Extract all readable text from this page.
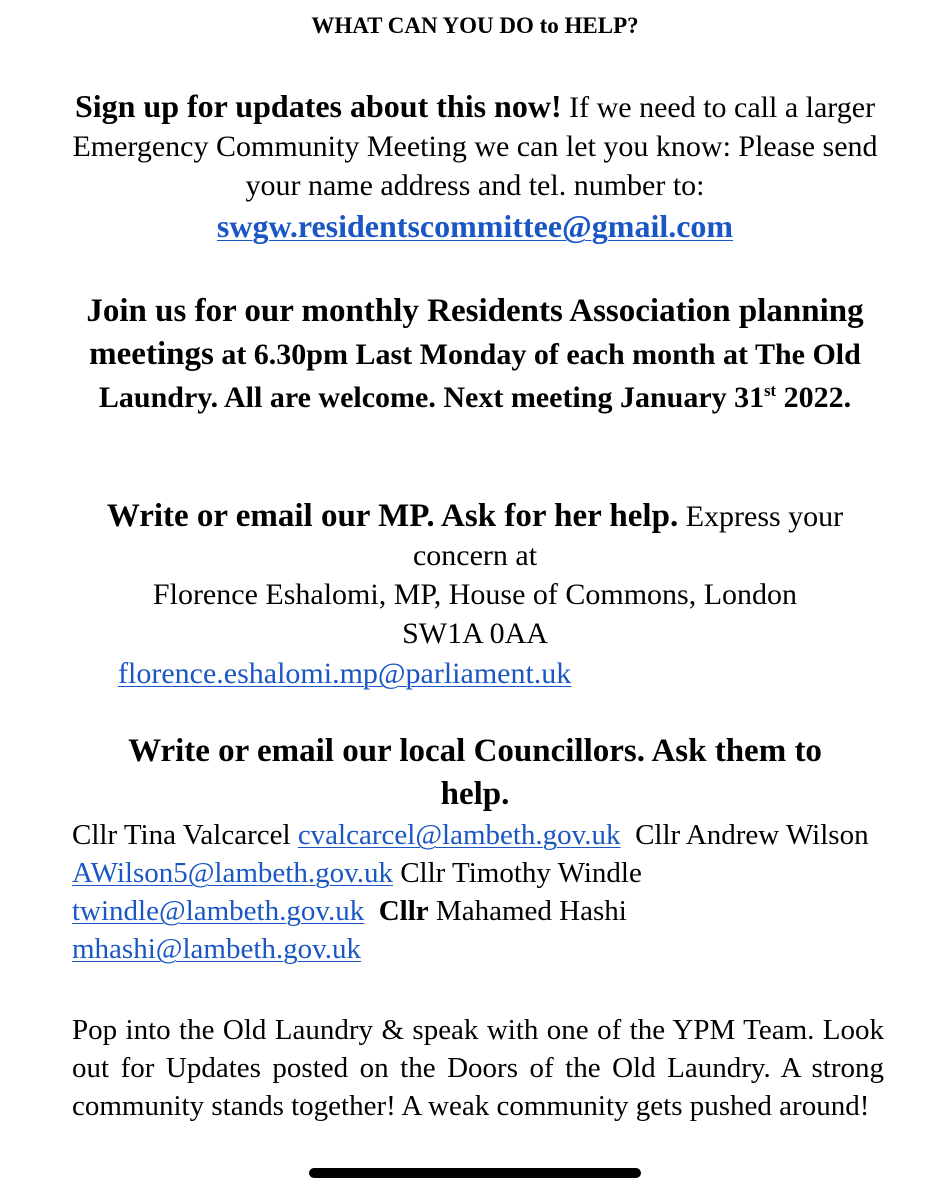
WHAT CAN YOU DO to HELP?
Sign up for updates about this now! If we need to call a larger Emergency Community Meeting we can let you know: Please send your name address and tel. number to:
swgw.residentscommittee@gmail.com
Join us for our monthly Residents Association planning meetings at 6.30pm Last Monday of each month at The Old Laundry. All are welcome. Next meeting January 31st 2022.
Write or email our MP. Ask for her help. Express your concern at
Florence Eshalomi, MP, House of Commons, London
SW1A 0AA
florence.eshalomi.mp@parliament.uk
Write or email our local Councillors. Ask them to
help.
Cllr Tina Valcarcel cvalcarcel@lambeth.gov.uk Cllr Andrew Wilson AWilson5@lambeth.gov.uk Cllr Timothy Windle twindle@lambeth.gov.uk Cllr Mahamed Hashi mhashi@lambeth.gov.uk
Pop into the Old Laundry & speak with one of the YPM Team. Look out for Updates posted on the Doors of the Old Laundry. A strong community stands together! A weak community gets pushed around!
